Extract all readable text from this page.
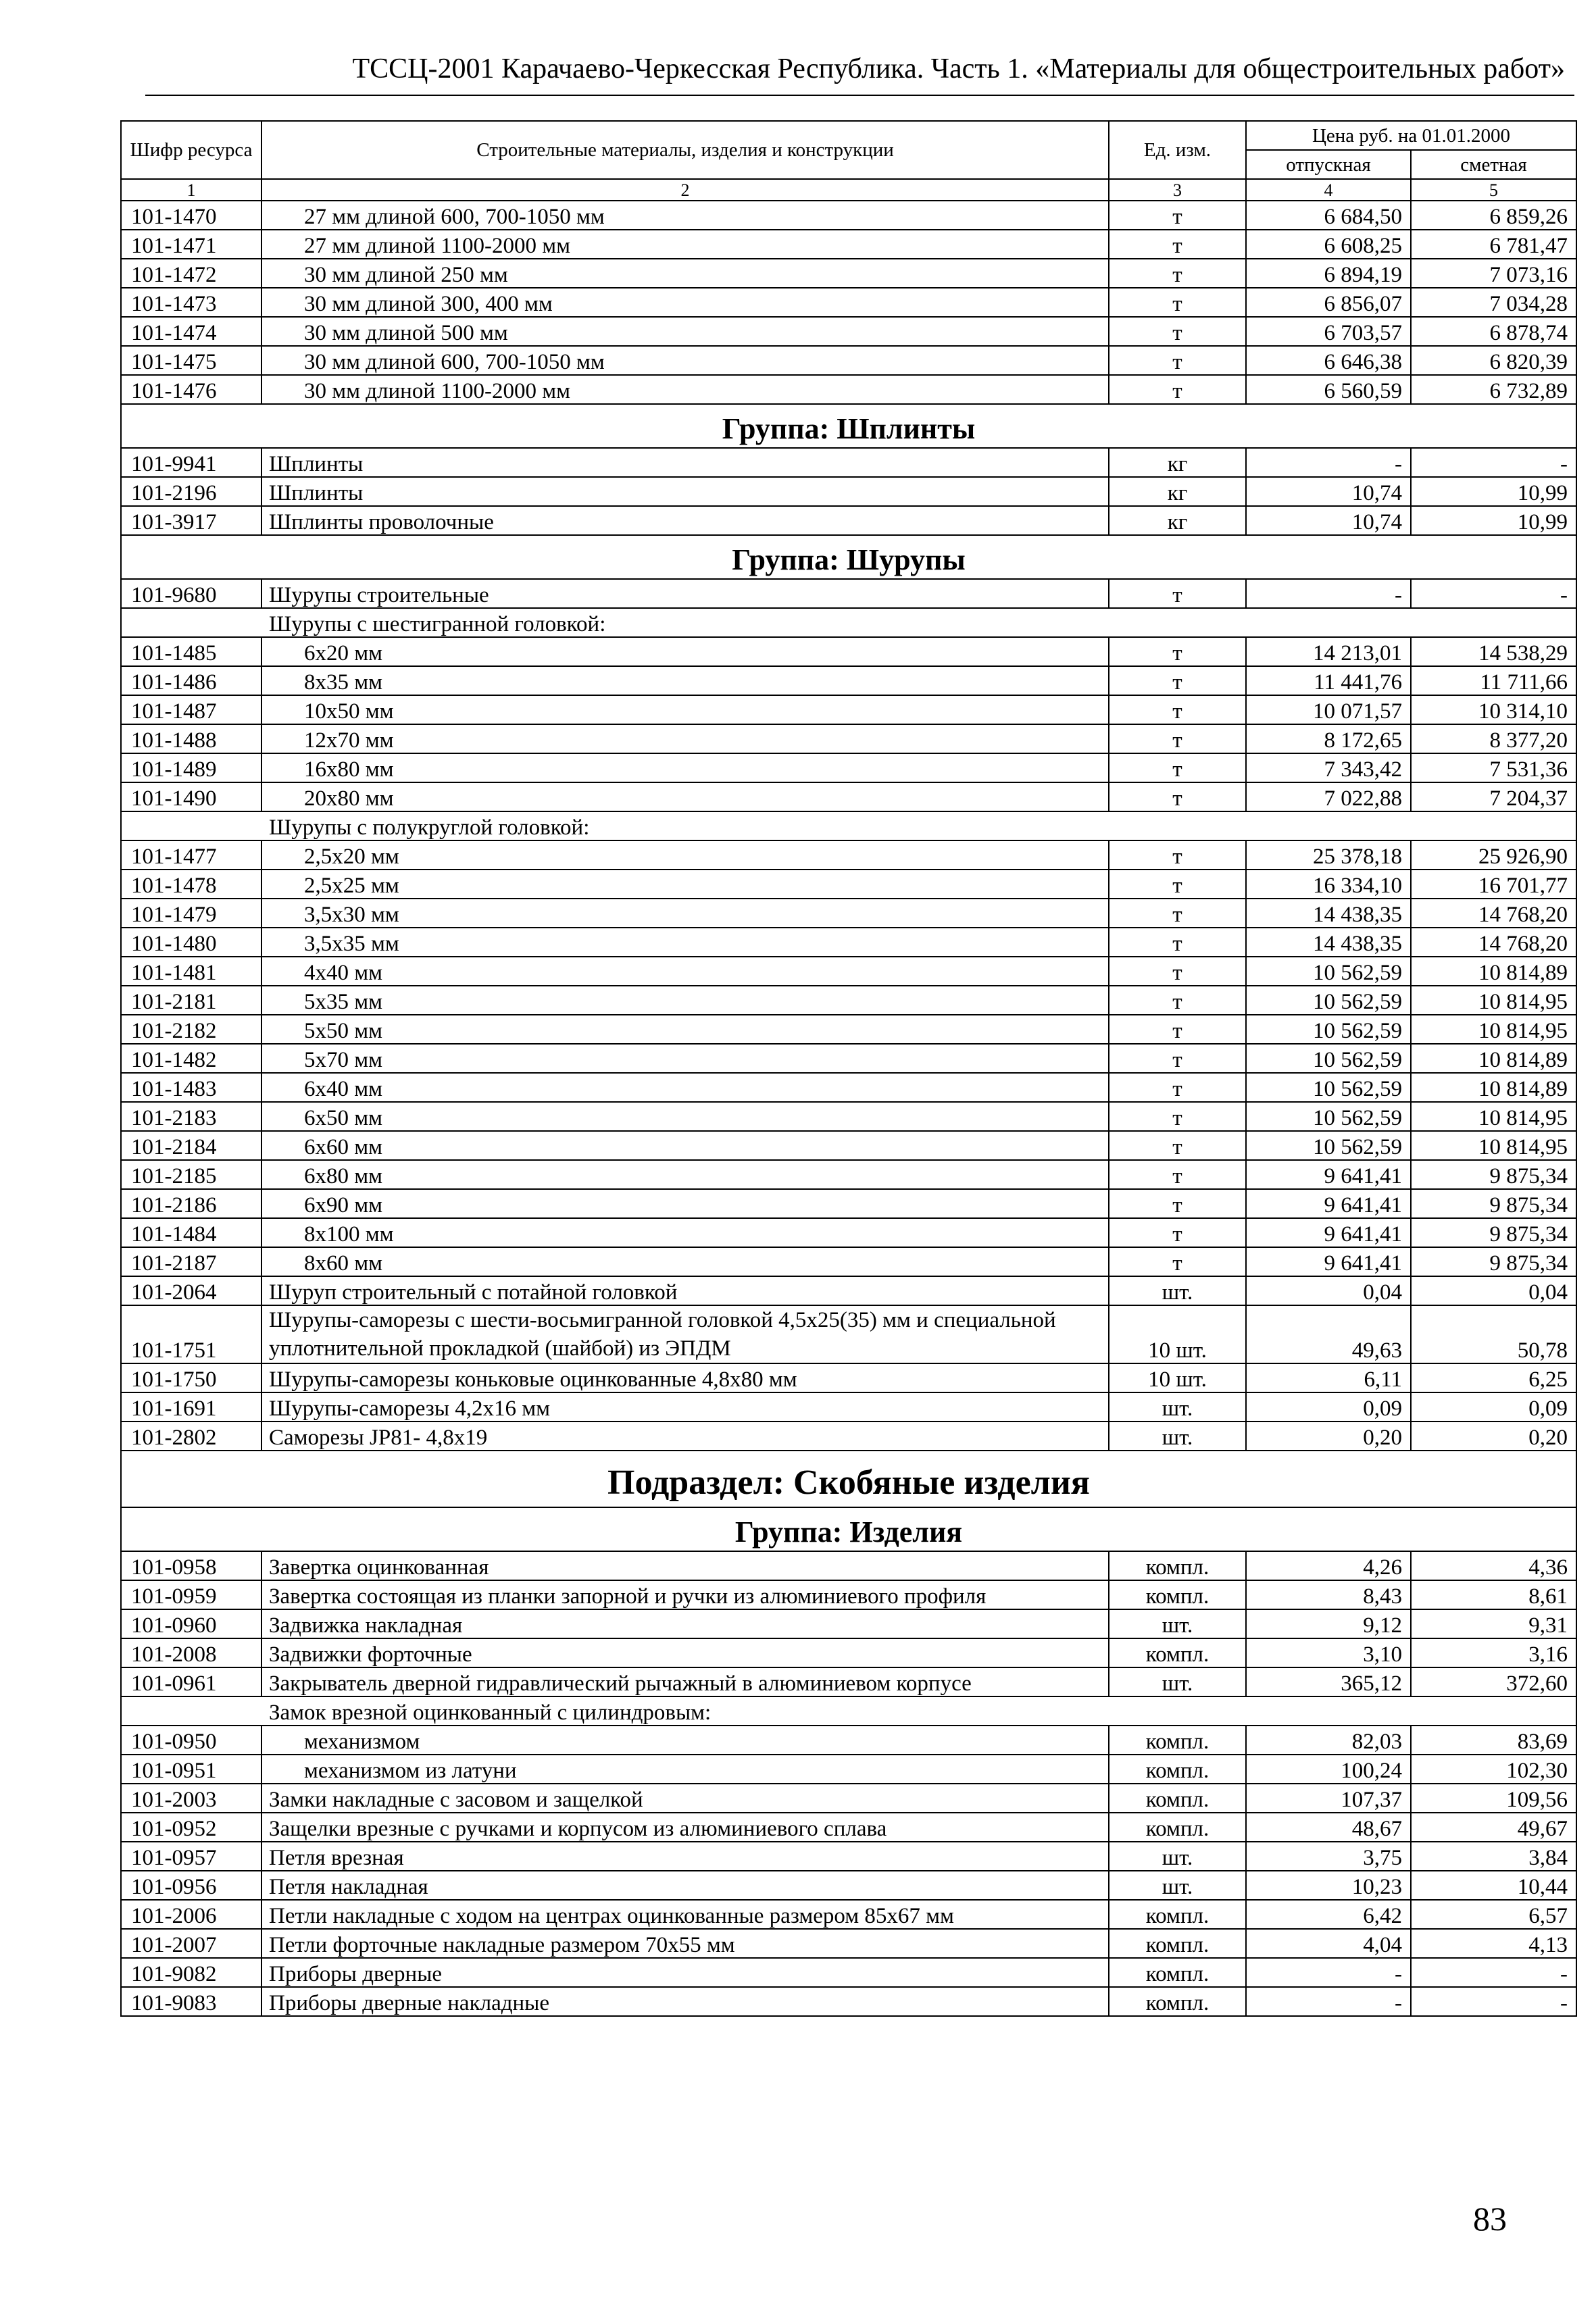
ТССЦ-2001 Карачаево-Черкесская Республика. Часть 1. «Материалы для общестроительных работ»
Шифр ресурса	Строительные материалы, изделия и конструкции	Ед. изм.	Цена руб. на 01.01.2000	
			отпускная	сметная
1	2	3	4	5
101-1470	27 мм длиной 600, 700-1050 мм	т	6 684,50	6 859,26
101-1471	27 мм длиной 1100-2000 мм	т	6 608,25	6 781,47
101-1472	30 мм длиной 250 мм	т	6 894,19	7 073,16
101-1473	30 мм длиной 300, 400 мм	т	6 856,07	7 034,28
101-1474	30 мм длиной 500 мм	т	6 703,57	6 878,74
101-1475	30 мм длиной 600, 700-1050 мм	т	6 646,38	6 820,39
101-1476	30 мм длиной 1100-2000 мм	т	6 560,59	6 732,89
Группа: Шплинты				
101-9941	Шплинты	кг	-	-
101-2196	Шплинты	кг	10,74	10,99
101-3917	Шплинты проволочные	кг	10,74	10,99
Группа: Шурупы				
101-9680	Шурупы строительные	т	-	-
	Шурупы с шестигранной головкой:			
101-1485	6х20 мм	т	14 213,01	14 538,29
101-1486	8х35 мм	т	11 441,76	11 711,66
101-1487	10х50 мм	т	10 071,57	10 314,10
101-1488	12х70 мм	т	8 172,65	8 377,20
101-1489	16х80 мм	т	7 343,42	7 531,36
101-1490	20х80 мм	т	7 022,88	7 204,37
	Шурупы с полукруглой головкой:			
101-1477	2,5х20 мм	т	25 378,18	25 926,90
101-1478	2,5х25 мм	т	16 334,10	16 701,77
101-1479	3,5х30 мм	т	14 438,35	14 768,20
101-1480	3,5х35 мм	т	14 438,35	14 768,20
101-1481	4х40 мм	т	10 562,59	10 814,89
101-2181	5х35 мм	т	10 562,59	10 814,95
101-2182	5х50 мм	т	10 562,59	10 814,95
101-1482	5х70 мм	т	10 562,59	10 814,89
101-1483	6х40 мм	т	10 562,59	10 814,89
101-2183	6х50 мм	т	10 562,59	10 814,95
101-2184	6х60 мм	т	10 562,59	10 814,95
101-2185	6х80 мм	т	9 641,41	9 875,34
101-2186	6х90 мм	т	9 641,41	9 875,34
101-1484	8х100 мм	т	9 641,41	9 875,34
101-2187	8х60 мм	т	9 641,41	9 875,34
101-2064	Шуруп строительный с потайной головкой	шт.	0,04	0,04
101-1751	Шурупы-саморезы с шести-восьмигранной головкой 4,5х25(35) мм и специальной уплотнительной прокладкой (шайбой) из ЭПДМ	10 шт.	49,63	50,78
101-1750	Шурупы-саморезы коньковые оцинкованные 4,8х80 мм	10 шт.	6,11	6,25
101-1691	Шурупы-саморезы 4,2х16 мм	шт.	0,09	0,09
101-2802	Саморезы JP81- 4,8х19	шт.	0,20	0,20
Подраздел: Скобяные изделия				
Группа: Изделия				
101-0958	Завертка оцинкованная	компл.	4,26	4,36
101-0959	Завертка состоящая из планки запорной и ручки из алюминиевого профиля	компл.	8,43	8,61
101-0960	Задвижка накладная	шт.	9,12	9,31
101-2008	Задвижки форточные	компл.	3,10	3,16
101-0961	Закрыватель дверной гидравлический рычажный в алюминиевом корпусе	шт.	365,12	372,60
	Замок врезной оцинкованный с цилиндровым:			
101-0950	механизмом	компл.	82,03	83,69
101-0951	механизмом из латуни	компл.	100,24	102,30
101-2003	Замки накладные с засовом и защелкой	компл.	107,37	109,56
101-0952	Защелки врезные с ручками и корпусом из алюминиевого сплава	компл.	48,67	49,67
101-0957	Петля врезная	шт.	3,75	3,84
101-0956	Петля накладная	шт.	10,23	10,44
101-2006	Петли накладные с ходом на центрах оцинкованные размером 85х67 мм	компл.	6,42	6,57
101-2007	Петли форточные накладные размером 70х55 мм	компл.	4,04	4,13
101-9082	Приборы дверные	компл.	-	-
101-9083	Приборы дверные накладные	компл.	-	-
83
